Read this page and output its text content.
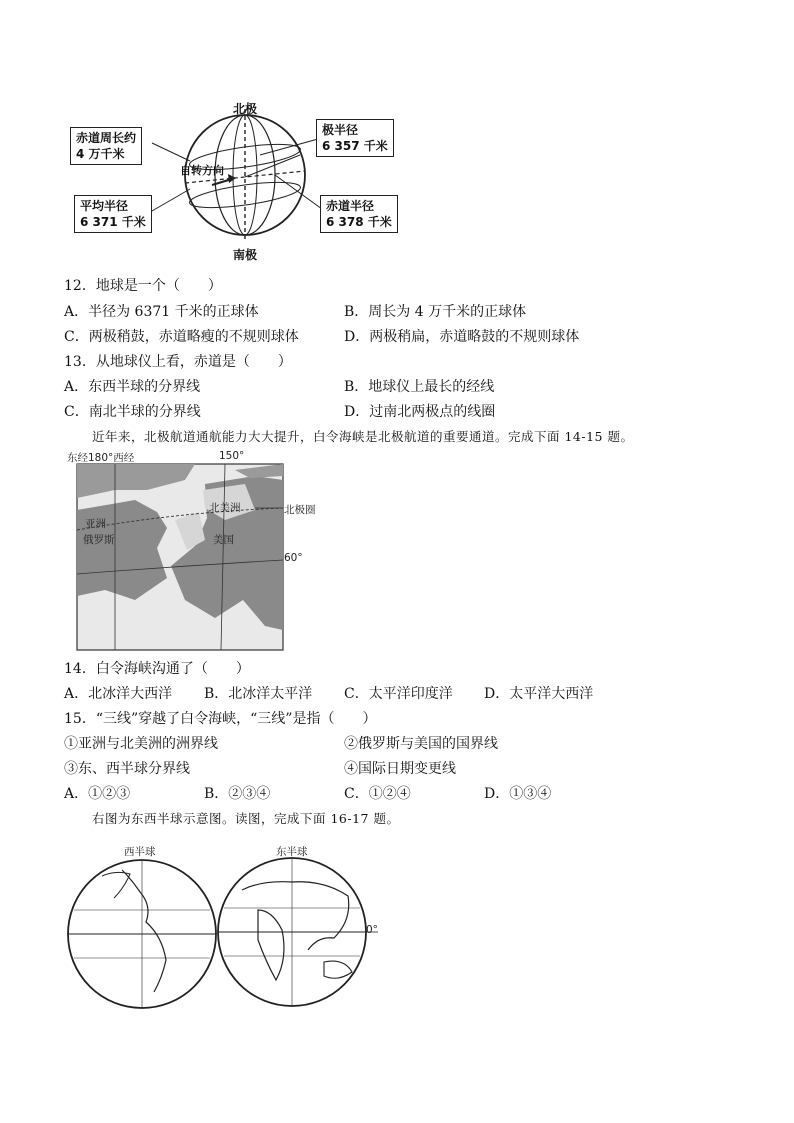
北极
南极
自转方向
赤道周长约
4 万千米
平均半径
6 371 千米
极半径
6 357 千米
赤道半径
6 378 千米
12．地球是一个（　　）
A．半径为 6371 千米的正球体	B．周长为 4 万千米的正球体
C．两极稍鼓，赤道略瘦的不规则球体	D．两极稍扁，赤道略鼓的不规则球体
13．从地球仪上看，赤道是（　　）
A．东西半球的分界线	B．地球仪上最长的经线
C．南北半球的分界线	D．过南北两极点的线圈
近年来，北极航道通航能力大大提升，白令海峡是北极航道的重要通道。完成下面 14-15 题。
东经180°西经	150°
北极圈
60°
亚洲
俄罗斯
北美洲
美国
14．白令海峡沟通了（　　）
A．北冰洋大西洋 B．北冰洋太平洋 C．太平洋印度洋 D．太平洋大西洋
15．“三线”穿越了白令海峡，“三线”是指（　　）
①亚洲与北美洲的洲界线	②俄罗斯与美国的国界线
③东、西半球分界线	④国际日期变更线
A．①②③	B．②③④	C．①②④	D．①③④
右图为东西半球示意图。读图，完成下面 16-17 题。
西半球	东半球
0°
